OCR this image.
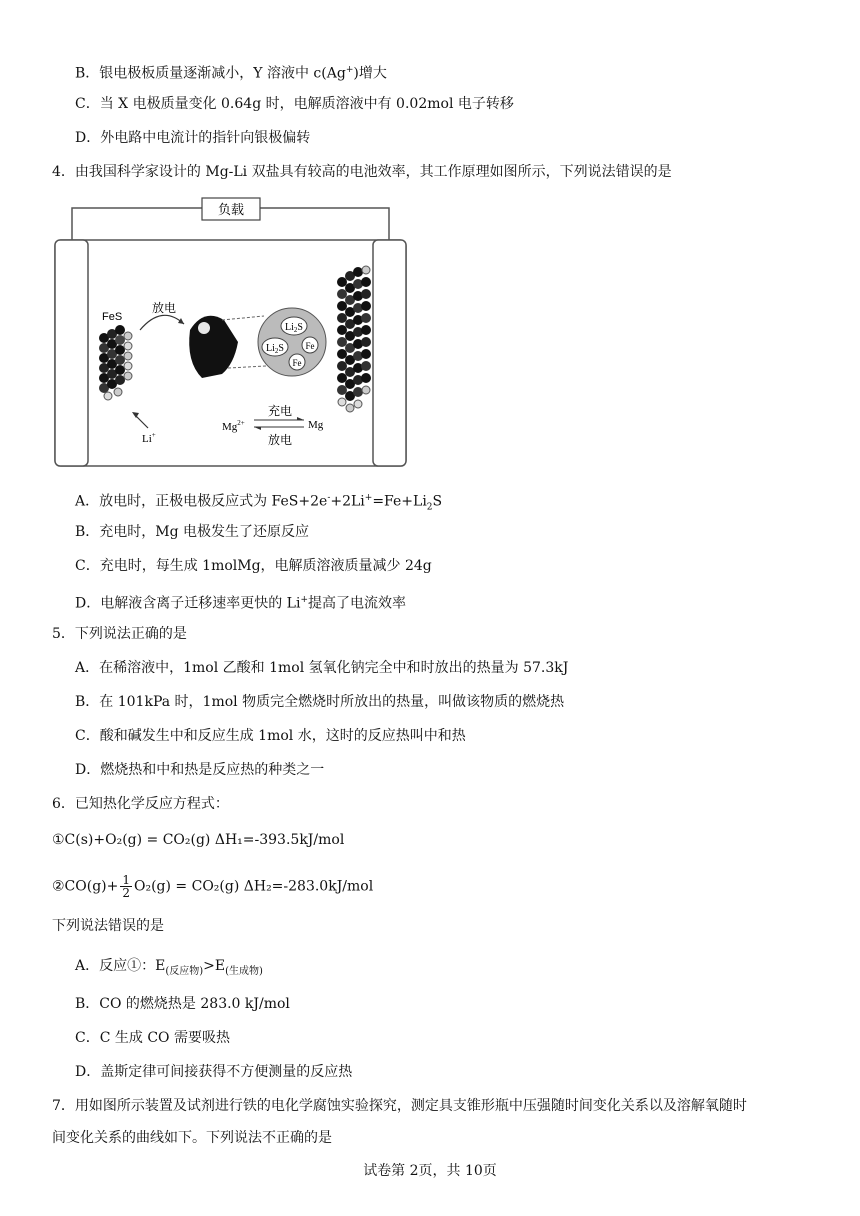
B．银电极板质量逐渐减小，Y 溶液中 c(Ag+)增大
C．当 X 电极质量变化 0.64g 时，电解质溶液中有 0.02mol 电子转移
D．外电路中电流计的指针向银极偏转
4．由我国科学家设计的 Mg-Li 双盐具有较高的电池效率，其工作原理如图所示，下列说法错误的是
负载
FeS
放电
$Li_2S$
$Li_2S$ Fe
Fe
Li+
$Mg^{2+}$
充电
放电
Mg
A．放电时，正极电极反应式为 $FeS+2e^-+2Li^+=Fe+Li_2S$
B．充电时，Mg 电极发生了还原反应
C．充电时，每生成 1molMg，电解质溶液质量减少 24g
D．电解液含离子迁移速率更快的 Li+提高了电流效率
5．下列说法正确的是
A．在稀溶液中，1mol 乙酸和 1mol 氢氧化钠完全中和时放出的热量为 57.3kJ
B．在 101kPa 时，1mol 物质完全燃烧时所放出的热量，叫做该物质的燃烧热
C．酸和碱发生中和反应生成 1mol 水，这时的反应热叫中和热
D．燃烧热和中和热是反应热的种类之一
6．已知热化学反应方程式：
①C(s)+O₂(g) = CO₂(g) ΔH₁=-393.5kJ/mol
②CO(g)+ $\frac{1}{2} O_2(g) = CO_2(g)$ ΔH₂=-283.0kJ/mol
下列说法错误的是
A．反应①：$E_{(反应物)}>E_{(生成物)}$
B．CO 的燃烧热是 283.0 kJ/mol
C．C 生成 CO 需要吸热
D．盖斯定律可间接获得不方便测量的反应热
7．用如图所示装置及试剂进行铁的电化学腐蚀实验探究，测定具支锥形瓶中压强随时间变化关系以及溶解氧随时
间变化关系的曲线如下。下列说法不正确的是
试卷第 2页，共 10页
